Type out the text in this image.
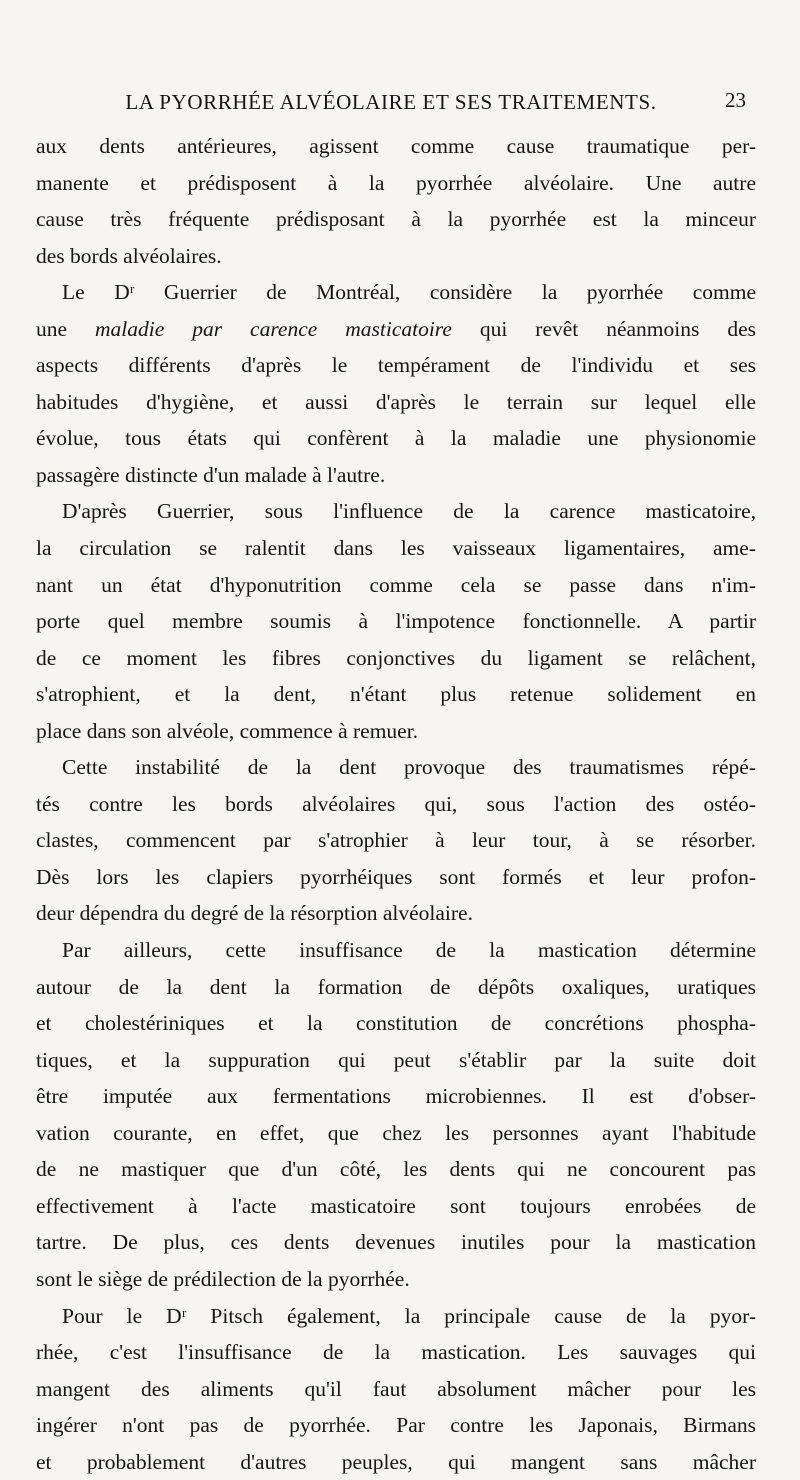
LA PYORRHÉE ALVÉOLAIRE ET SES TRAITEMENTS.	23
aux dents antérieures, agissent comme cause traumatique per-
manente et prédisposent à la pyorrhée alvéolaire. Une autre
cause très fréquente prédisposant à la pyorrhée est la minceur
des bords alvéolaires.
Le Dʳ Guerrier de Montréal, considère la pyorrhée comme
une maladie par carence masticatoire qui revêt néanmoins des
aspects différents d'après le tempérament de l'individu et ses
habitudes d'hygiène, et aussi d'après le terrain sur lequel elle
évolue, tous états qui confèrent à la maladie une physionomie
passagère distincte d'un malade à l'autre.
D'après Guerrier, sous l'influence de la carence masticatoire,
la circulation se ralentit dans les vaisseaux ligamentaires, ame-
nant un état d'hyponutrition comme cela se passe dans n'im-
porte quel membre soumis à l'impotence fonctionnelle. A partir
de ce moment les fibres conjonctives du ligament se relâchent,
s'atrophient, et la dent, n'étant plus retenue solidement en
place dans son alvéole, commence à remuer.
Cette instabilité de la dent provoque des traumatismes répé-
tés contre les bords alvéolaires qui, sous l'action des ostéo-
clastes, commencent par s'atrophier à leur tour, à se résorber.
Dès lors les clapiers pyorrhéiques sont formés et leur profon-
deur dépendra du degré de la résorption alvéolaire.
Par ailleurs, cette insuffisance de la mastication détermine
autour de la dent la formation de dépôts oxaliques, uratiques
et cholestériniques et la constitution de concrétions phospha-
tiques, et la suppuration qui peut s'établir par la suite doit
être imputée aux fermentations microbiennes. Il est d'obser-
vation courante, en effet, que chez les personnes ayant l'habitude
de ne mastiquer que d'un côté, les dents qui ne concourent pas
effectivement à l'acte masticatoire sont toujours enrobées de
tartre. De plus, ces dents devenues inutiles pour la mastication
sont le siège de prédilection de la pyorrhée.
Pour le Dʳ Pitsch également, la principale cause de la pyor-
rhée, c'est l'insuffisance de la mastication. Les sauvages qui
mangent des aliments qu'il faut absolument mâcher pour les
ingérer n'ont pas de pyorrhée. Par contre les Japonais, Birmans
et probablement d'autres peuples, qui mangent sans mâcher
